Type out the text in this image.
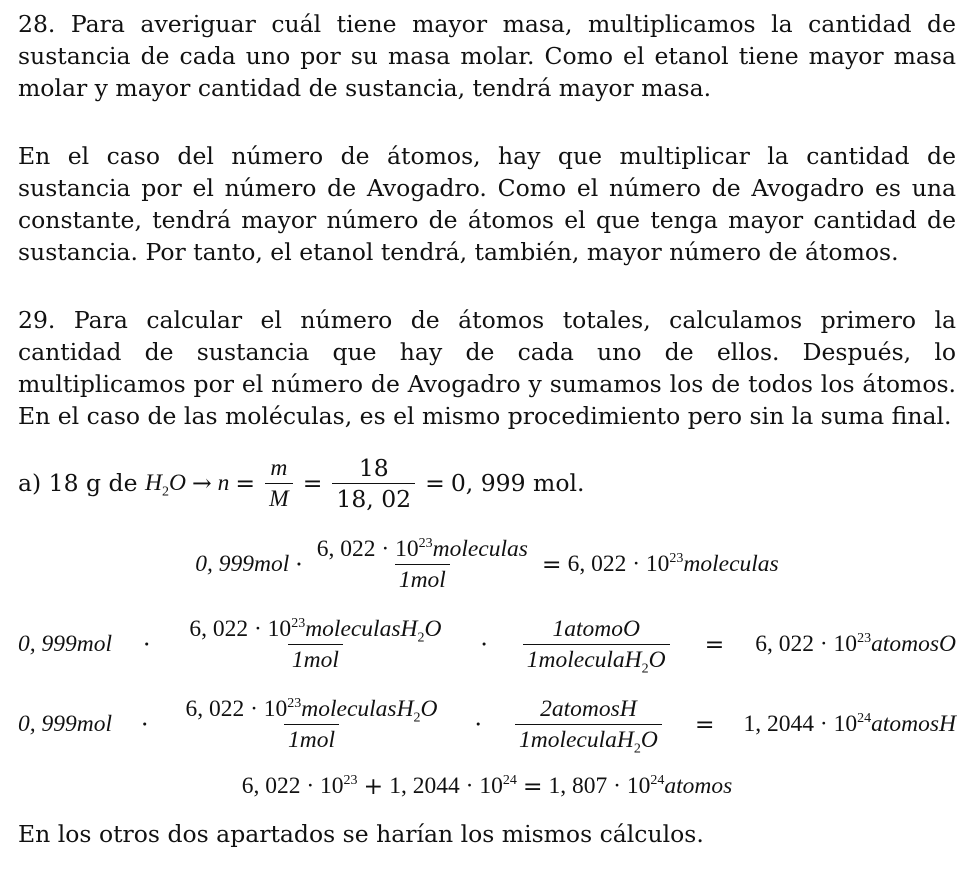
28. Para averiguar cuál tiene mayor masa, multiplicamos la cantidad de sustancia de cada uno por su masa molar. Como el etanol tiene mayor masa molar y mayor cantidad de sustancia, tendrá mayor masa.

En el caso del número de átomos, hay que multiplicar la cantidad de sustancia por el número de Avogadro. Como el número de Avogadro es una constante, tendrá mayor número de átomos el que tenga mayor cantidad de sustancia. Por tanto, el etanol tendrá, también, mayor número de átomos.

29. Para calcular el número de átomos totales, calculamos primero la cantidad de sustancia que hay de cada uno de ellos. Después, lo multiplicamos por el número de Avogadro y sumamos los de todos los átomos. En el caso de las moléculas, es el mismo procedimiento pero sin la suma final.

a) 18 g de
$H_2O \to n = \frac{m}{M} = \frac{18}{18, 02} = 0$, 999 mol.
0, $999mol \cdot \frac{6, 022 \cdot 10^{23}moleculas}{\text{1mol}} = 6$, $022 \cdot 10^{23}moleculas$
0, $999mol \cdot \frac{6, 022 \cdot 10^{23}moleculasH_2O}{\text{1mol}} \cdot \frac{\text{1atomoO}}{1moleculaH_2O} = 6$, $022 \cdot 10^{23}atomosO$
0, $999mol \cdot \frac{6, 022 \cdot 10^{23}moleculasH_2O}{\text{1mol}} \cdot \frac{\text{2atomosH}}{1moleculaH_2O} = 1$, $2044 \cdot 10^{24}atomosH$
6, $022 \cdot 10^{23} + 1$, $2044 \cdot 10^{24} = 1$, $807 \cdot 10^{24}atomos$

En los otros dos apartados se harían los mismos cálculos.
